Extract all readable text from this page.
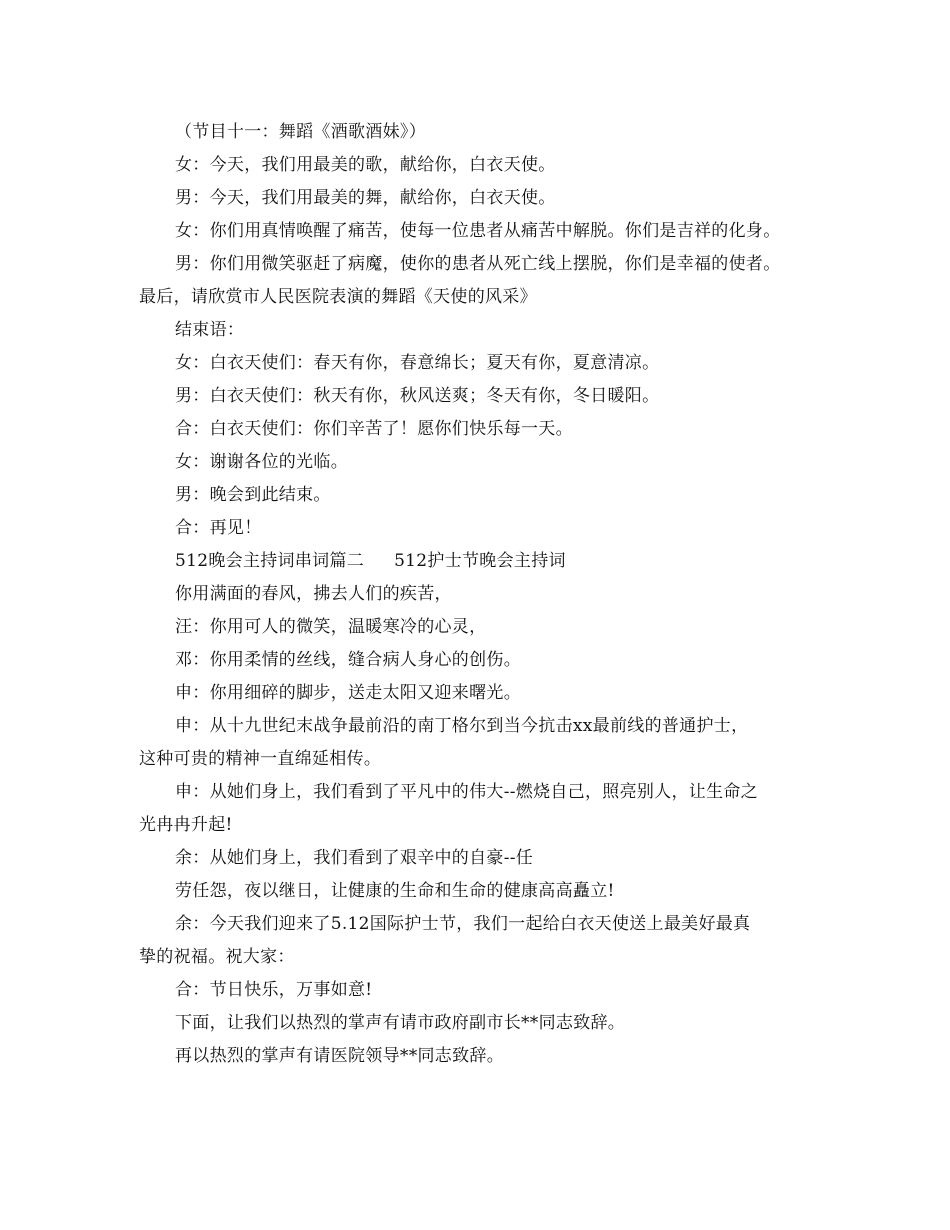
（节目十一：舞蹈《酒歌酒妹》）
女：今天，我们用最美的歌，献给你，白衣天使。
男：今天，我们用最美的舞，献给你，白衣天使。
女：你们用真情唤醒了痛苦，使每一位患者从痛苦中解脱。你们是吉祥的化身。
男：你们用微笑驱赶了病魔，使你的患者从死亡线上摆脱，你们是幸福的使者。
最后，请欣赏市人民医院表演的舞蹈《天使的风采》
结束语：
女：白衣天使们：春天有你，春意绵长；夏天有你，夏意清凉。
男：白衣天使们：秋天有你，秋风送爽；冬天有你，冬日暖阳。
合：白衣天使们：你们辛苦了！愿你们快乐每一天。
女：谢谢各位的光临。
男：晚会到此结束。
合：再见！
512晚会主持词串词篇二 512护士节晚会主持词
你用满面的春风，拂去人们的疾苦，
汪：你用可人的微笑，温暖寒冷的心灵，
邓：你用柔情的丝线，缝合病人身心的创伤。
申：你用细碎的脚步，送走太阳又迎来曙光。
申：从十九世纪末战争最前沿的南丁格尔到当今抗击xx最前线的普通护士，
这种可贵的精神一直绵延相传。
申：从她们身上，我们看到了平凡中的伟大--燃烧自己，照亮别人，让生命之
光冉冉升起!
余：从她们身上，我们看到了艰辛中的自豪--任
劳任怨，夜以继日，让健康的生命和生命的健康高高矗立!
余：今天我们迎来了5.12国际护士节，我们一起给白衣天使送上最美好最真
挚的祝福。祝大家：
合：节日快乐，万事如意!
下面，让我们以热烈的掌声有请市政府副市长**同志致辞。
再以热烈的掌声有请医院领导**同志致辞。
